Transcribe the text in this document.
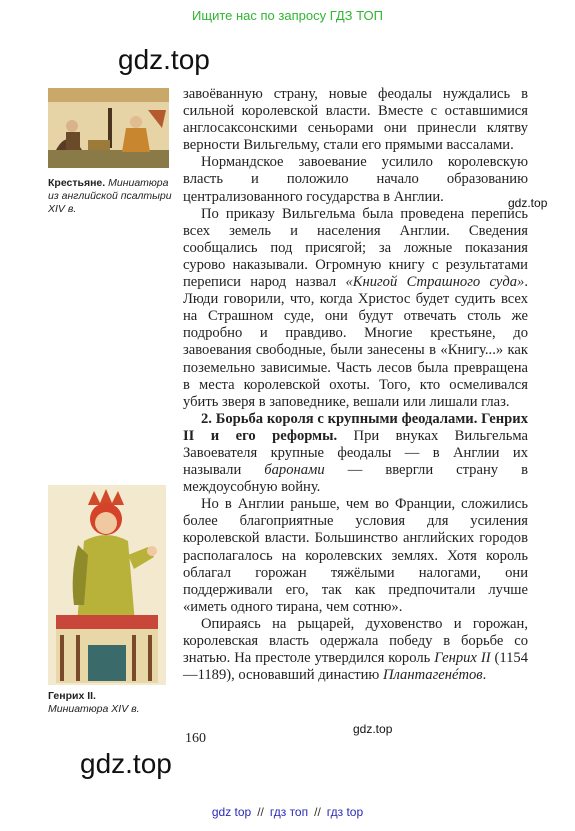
Ищите нас по запросу ГДЗ ТОП
gdz.top
gdz.top
gdz.top
gdz.top
Крестьяне. Миниатюра из английской псалтыри XIV в.
Генрих II.
Миниатюра XIV в.

завоёванную страну, новые феодалы нуждались в сильной королевской власти. Вместе с оставшимися англосаксонскими сеньорами они принесли клятву верности Вильгельму, стали его прямыми вассалами.

Нормандское завоевание усилило королевскую власть и положило начало образованию централизованного государства в Англии.

По приказу Вильгельма была проведена перепись всех земель и населения Англии. Сведения сообщались под присягой; за ложные показания сурово наказывали. Огромную книгу с результатами переписи народ назвал «Книгой Страшного суда». Люди говорили, что, когда Христос будет судить всех на Страшном суде, они будут отвечать столь же подробно и правдиво. Многие крестьяне, до завоевания свободные, были занесены в «Книгу...» как поземельно зависимые. Часть лесов была превращена в места королевской охоты. Того, кто осмеливался убить зверя в заповеднике, вешали или лишали глаз.

2. Борьба короля с крупными феодалами. Генрих II и его реформы. При внуках Вильгельма Завоевателя крупные феодалы — в Англии их называли баронами — ввергли страну в междоусобную войну.

Но в Англии раньше, чем во Франции, сложились более благоприятные условия для усиления королевской власти. Большинство английских городов располагалось на королевских землях. Хотя король облагал горожан тяжёлыми налогами, они поддерживали его, так как предпочитали лучше «иметь одного тирана, чем сотню».

Опираясь на рыцарей, духовенство и горожан, королевская власть одержала победу в борьбе со знатью. На престоле утвердился король Генрих II (1154—1189), основавший династию Плантагенéтов.

160
gdz top // гдз топ // гдз top
